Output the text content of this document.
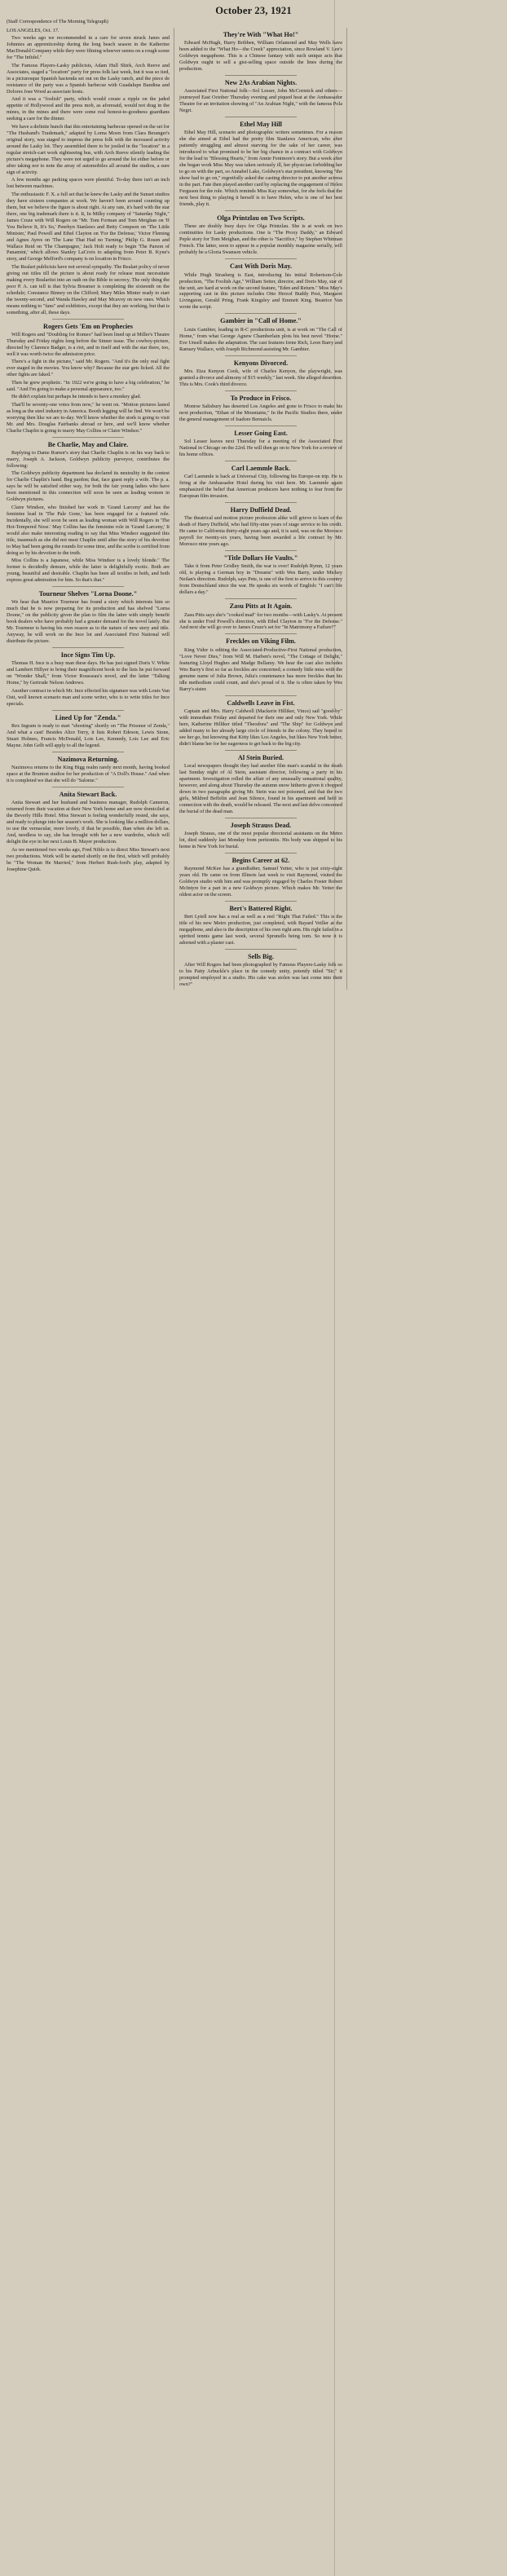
October 23, 1921
(Staff Correspondence of The Morning Telegraph)

LOS ANGELES, Oct. 17.

Two weeks ago we recommended in a care for seven struck Janes and Johnnies an apprenticeship during the long beach season in the Katherine MacDonald Company while they were filming whoever seems on a rough scene for "The Infidel."

The Famous Players-Lasky publicists, Adam Hull Shirk, Arch Reeve and Associates, staged a "location" party for press folk last week, but it was so tied, in a picturesque Spanish hacienda set out on the Lasky ranch, and the piece de resistance of the party was a Spanish barbecue with Guadalupe Bandina and Dolores Jose Wood as associate hosts.

And it was a "foolish" party, which would create a ripple on the jaded appetite of Hollywood and the press mob, as aforesaid, would not drag in the mines, in the mines and there were some real honest-to-goodness guardians seeking a care for the dinner.

We have a definite hunch that this entertaining barbecue opened on the set for "The Husband's Trademark," adapted by Lorna Moon from Clara Beranger's original story, was staged to impress the press folk with the increased activity around the Lasky lot. They assembled there to be jostled in the "location" in a regular stretch-cart work sightseeing bus, with Arch Reeve silently leading the picture's megaphone. They were not urged to go around the lot either before or after taking nor to note the array of automobiles all around the studios, a sure sign of activity.

A few months ago parking spaces were plentiful. To-day there isn't an inch lost between machines.

The enthusiastic F. X. a full set that he knew the Lasky and the Sunset studios they have sixteen companies at work. We haven't been around counting up them, but we believe the figure is about right. At any rate, it's hard with the star there, one big trademark there is it. It, In Milky company of "Saturday Night," James Cruze with Will Rogers on "Mr. Tom Forman and Tom Meighan on 'If You Believe It, It's So,' Penrhyn Stanlaws and Betty Compson on 'The Little Minister,' Paul Powell and Ethel Clayton on 'For the Defense,' Victor Fleming and Agnes Ayres on 'The Lane That Had no Turning,' Philip G. Rosen and Wallace Reid on 'The Champagne,' Jack Holt ready to begin 'The Parson of Panamint,' which allows Stanley LaCroix to adapting from Peter B. Kyne's story, and George Melford's company is on location in Frisco.

The Realart publicists have not several sympathy. The Realart policy of never giving out titles till the picture is about ready for release must necessitate making every Realartist into an oath on the Bible to secrecy. The only thing the poor P. A. can tell is that Sylvia Breamer is completing the sixteenth on the schedule; Constance Binney on the Clifford; Mary Miles Minter ready to start the twenty-second, and Wanda Hawley and May Mcavoy on new ones. Which means nothing to "fans" and exhibitors, except that they are working, but that is something, after all, these days.

Rogers Gets 'Em on Prophecies

Will Rogers and "Doubling for Romeo" had been lined up at Miller's Theatre Thursday and Friday nights long before the Sinner issue. The cowboy-picture, directed by Clarence Badger, is a riot, and in itself and with the star there, too, well it was worth twice the admission price.

There's a fight in the picture," said Mr. Rogers. "And it's the only real fight ever staged in the movies. You know why? Because the star gets licked. All the other fights are faked."

Then he grew prophetic. "In 1922 we're going to have a big celebration," he said. "And I'm going to make a personal appearance, too."

He didn't explain but perhaps he intends to have a monkey glad.

That'll be seventy-one votes from now," he went on. "Motion pictures lasted as long as the steel industry in America. Booth legging will be find. We won't be worrying then like we are to-day. We'll know whether the stork is going to visit Mr. and Mrs. Douglas Fairbanks abroad or here, and we'll know whether Charlie Chaplin is going to marry May Collins or Claire Windsor."

Be Charlie, May and Claire.

Replying to Dame Rumor's story that Charlie Chaplin is on his way back to marry, Joseph A. Jackson, Goldwyn publicity purveyor, contributes the following:

The Goldwyn publicity department has declared its neutrality in the contest for Charlie Chaplin's hand. Beg pardon; that, face guest reply a wife. The p. a. says he will be satisfied either way, for both the fair young ladies who have been mentioned in this connection will soon be seen as leading women in Goldwyn pictures.

Claire Windsor, who finished her work in 'Grand Larceny' and has the feminine lead in 'The Pale Gone,' has been engaged for a featured role. Incidentally, she will soon be seen as leading woman with Will Rogers in 'The Hot-Tempered Nose.' May Collins has the feminine role in 'Grand Larceny,' It would also make interesting reading to say that Miss Windsor suggested this title, inasmuch as she did not meet Chaplin until after the story of his devotion to May had been going the rounds for some time, and the scribe is certified from doing so by his devotion to the truth.

Miss Collins is a Japanese, while Miss Windsor is a lovely blonde." The former is decidedly demure, while the latter is delightfully exotic. Both are young, beautiful and desirable. Chaplin has been all textiles in both, and both express great admiration for him. So that's that."

Tourneur Shelves "Lorna Doone."

We hear that Maurice Tourneur has found a story which interests him so much that he is now preparing for its production and has shelved "Lorna Doone," on the publicity given the plan to film the latter with simply benefit book dealers who have probably had a greater demand for the novel lately. But Mr. Tourneur is having his own reason as to the nature of new story and title. Anyway, he will work on the Ince lot and Associated First National will distribute the picture.

Ince Signs Tim Up.

Thomas H. Ince is a busy man these days. He has just signed Doris V. White and Lambert Hillyer to bring their magnificent book to the lists he put forward on "Wonder Shall," from Victor Rousseau's novel, and the latter "Talking Home," by Gertrude Nelson Andrews.

Another contract in which Mr. Ince effected his signature was with Louis Van Ostt, well known scenario man and scene writer, who is to write titles for Ince specials.

Lined Up for "Zenda."

Rex Ingram is ready to start "shooting" shortly on "The Prisoner of Zenda," And what a cast! Besides Alice Terry, it lists Robert Edeson, Lewis Stone, Stuart Holmes, Francis McDonald, Lois Lee, Kennedy, Lois Lee and Eric Mayne. John Gelb will apply to all the legend.

Nazimova Returning.

Nazimova returns to the King Bigg realm rarely next month, having booked space at the Brunton studios for her production of "A Doll's House." And when it is completed we that she will do "Salome."

Anita Stewart Back.

Anita Stewart and her husband and business manager, Rudolph Cameron, returned from their vacation at their New York home and are now domiciled at the Beverly Hills Hotel. Miss Stewart is feeling wonderfully rested, she says, and ready to plunge into her season's work. She is looking like a million dollars, to use the vernacular, more lovely, if that be possible, than when she left us. And, needless to say, she has brought with her a new wardrobe, which will delight the eye in her next Louis B. Mayer production.

As we mentioned two weeks ago, Fred Niblo is to direct Miss Stewart's next two productions. Work will be started shortly on the first, which will probably be "The Woman He Married," from Herbert Rush-ford's play, adapted by Josephine Quirk.

They're With "What Ho!"

Edward McHugh, Harry Bribben, William Orlamond and May Wells have been added to the "What Ho—the Creek" appreciation, since Rowland V. Lee's Goldwyn megaphone. This is a Chinese fantasy with such unique acts that Goldwyn ought to sell a gist-selling space outside the lines during the production.

New 2As Arabian Nights.

Associated First National folk—Sol Lesser, John McCormick and others—journeyed East October Thursday evening and piqued heat at the Ambassador Theatre for an invitation showing of "An Arabian Night," with the famous Pola Negri.

Ethel May Hill

Ethel May Hill, scenario and photographic writers sometimes. For a reason she she aimed at Ethel had the pretty film Stanlaws American, who after patiently struggling and almost starving for the sake of her career, was introduced to what promised to be her big chance in a contract with Goldwyn for the lead in "Blessing Hearts," from Annie Fenimore's story. But a week after she began work Miss May was taken seriously ill, her physician forbidding her to go on with the part, so Annabel Lake, Goldwyn's star president, knowing "the show had to go on," regretfully asked the casting director to put another actress in the part. Fate then played another card by replacing the engagement of Helen Ferguson for the role. Which reminds Miss Kay somewhat, for she feels that the next best thing to playing it herself is to have Helen, who is one of her best friends, play it.

Olga Printzlau on Two Scripts.

These are doubly busy days for Olga Printzlau. She is at work on two continuities for Lasky productions. One is "The Proxy Daddy," an Edward Peple story for Tom Meighan, and the other is "Sacrifice," by Stephen Whitman French. The latter, soon to appear in a popular monthly magazine serially, will probably be a Gloria Swanson vehicle.

Cast With Doris May.

While Hugh Strasberg is East, introducing his initial Robertson-Cole production, "The Foolish Age," William Seiter, director, and Doris May, star of the unit, are hard at work on the second feature, "Eden and Return." Miss May's supporting cast in this picture includes Otto Herzof Buddy Post, Margaret Livingston, Gerald Pring, Frank Kingsley and Emmett King. Beatrice Van wrote the script.

Gambier in "Call of Home."

Louis Gambier, leading in R-C productions unit, is at work on "The Call of Home," from what George Agnew Chamberlain plots his best novel "Home." Eve Unsell makes the adaptation. The cast features Irene Rich, Leon Barry and Ramsey Wallace, with Joseph Richmond assisting Mr. Gambier.

Kenyons Divorced.

Mrs. Eiza Kenyon Cook, wife of Charles Kenyon, the playwright, was granted a divorce and alimony of $15 weekly," last week. She alleged desertion. This is Mrs. Cook's third divorce.

To Produce in Frisco.

Monroe Salisbury has deserted Los Angeles and gone to Frisco to make his next production, "Ethan of the Mountains," In the Pacific Studios there, under the general management of Isadore Bernaicls.

Lesser Going East.

Sol Lesser leaves next Thursday for a meeting of the Associated First National in Chicago on the 22rd. He will then go on to New York for a review of his home offices.

Carl Laemmle Back.

Carl Laemmle is back at Universal City, following his Europe-on trip. He is firing at the Ambassador Hotel during his visit here. Mr. Laemmle again emphasized the belief that American producers have nothing to fear from the European film invasion.

Harry Duffield Dead.

The theatrical and motion picture profession alike will grieve to learn of the death of Harry Duffield, who had fifty-nine years of stage service to his credit. He came to California thirty-eight years ago and, it is said, was on the Morosco payroll for twenty-six years, having been awarded a life contract by Mr. Morosco nine years ago.

"Title Dollars He Vaults."

Take it from Peter Gridley Smith, the war is over! Rudolph Rymn, 12 years old, is playing a German boy in "Dreams" with Wes Barry, under Mickey Neilan's direction. Rudolph, says Pete, is one of the first to arrive in this country from Deutschland since the war. He speaks six words of English: "I can't fife dollars a day."

Zasu Pitts at It Again.

Zasu Pitts says she's "cooked mad" for two months—with Lasky's. At present she is under Fred Powell's direction, with Ethel Clayton in "For the Defense." And next she will go over to James Cruze's set for "In Matrimony a Failure?"

Freckles on Viking Film.

King Vidor is editing the Associated-Productive-First National production, "Love Never Dies," from Will M. Harben's novel, "The Cottage of Delight," featuring Lloyd Hughes and Madge Bellamy. We hear the cast also includes Wes Barry's first so far as freckles are concerned; a comedy little miss with the genuine name of Julia Brown, Julia's countenance has more freckles than his idle methodism could count, and she's proud of it. She is often taken by Wes Barry's sister.

Caldwells Leave in Fist.

Captain and Mrs. Harry Caldwell (Mackerie Hilliker, Vince) sail "good-by" with immediate Friday and departed for their one and only New York. While here, Katherine Hilliker titled "Theodora" and "The Ship" for Goldwyn and added many to her already large circle of friends in the colony. They hoped to see her go, but knowing that Kitty likes Los Angeles, but likes New York better, didn't blame her for her eagerness to get back to the big city.

Al Stein Buried.

Local newspapers thought they had another film man's scandal in the death last Sunday night of Al Stein, assistant director, following a party in his apartment. Investigation rolled the affair of any unusually sensational quality, however, and along about Thursday the autumn snow hitherto given it chopped down in two paragraphs giving Mr. Stein was not poisoned, and that the two girls, Mildred Beffelin and Jean Silence, found in his apartment and held in connection with the death, would be released. The next and last delve concerned the burial of the dead man.

Joseph Strauss Dead.

Joseph Strauss, one of the most popular directorial assistants on the Metro lot, died suddenly last Monday from peritonitis. His body was shipped to his home in New York for burial.

Begins Career at 62.

Raymond McKee has a grandfather, Samuel Yetter, who is just sixty-eight years old. He came on from Illinois last week to visit Raymond, visited the Goldwyn studio with him and was promptly engaged by Charles Foster Robert McIntyre for a part in a new Goldwyn picture. Which makes Mr. Yetter the oldest actor on the screen.

Bert's Battered Right.

Bert Lytell now has a real as well as a reel "Right That Failed." This is the title of his new Metro production, just completed, with Bayard Veiller at the megaphone, and also is the description of his own right arm. His right failed in a spirited tennis game last week, several Sprunells being torn. So now it is adorned with a plaster cast.

Sells Big.

After Will Rogers had been photographed by Famous Players-Lasky folk so to his Patty Arbuckle's place in the comedy unity, potently titled "Sir," it prompted employed in a studio. His cake was stolen was last come into their own?"
